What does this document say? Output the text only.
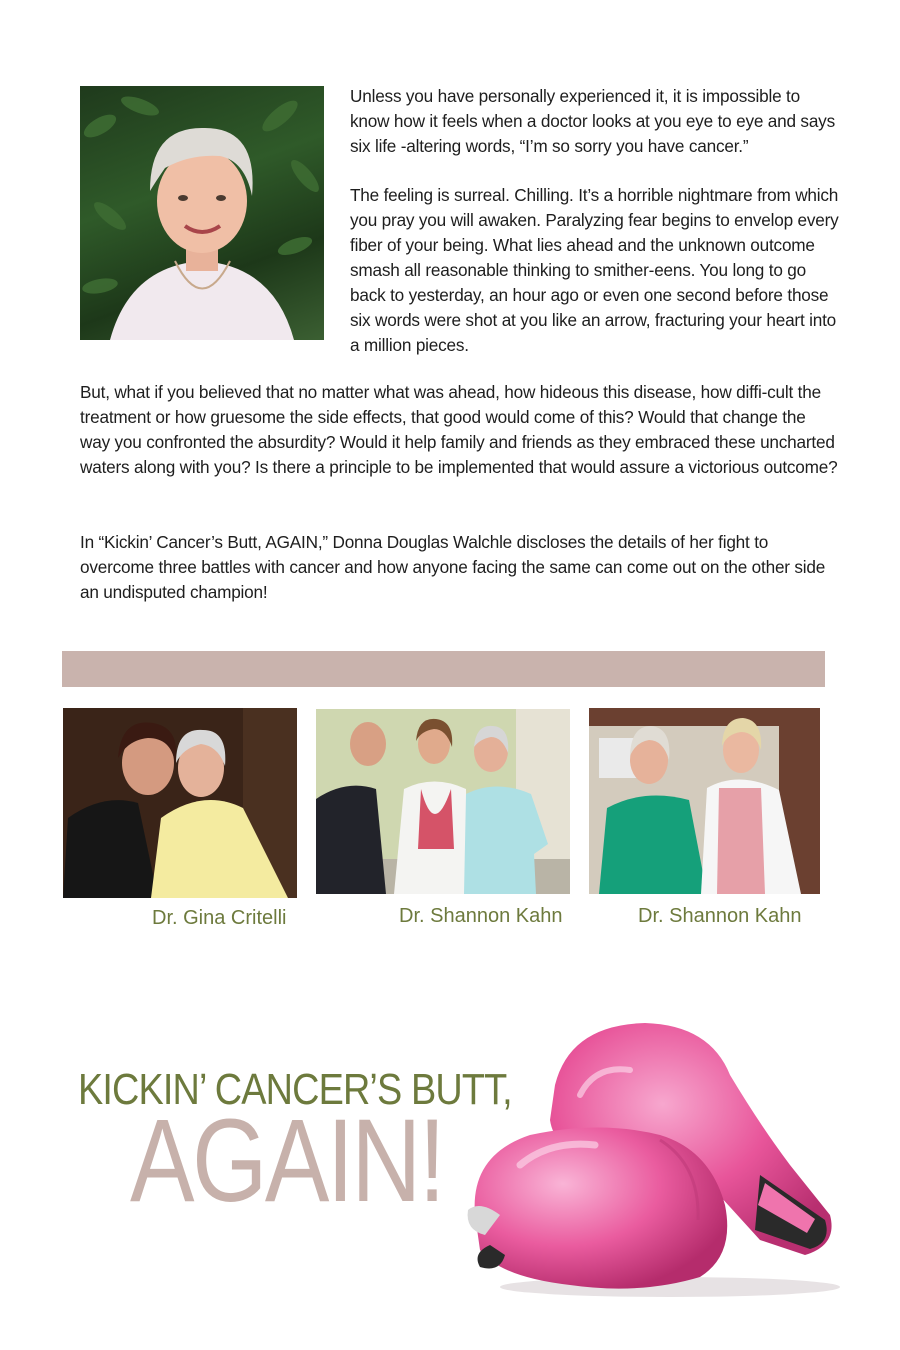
Unless you have personally experienced it, it is impossible to know how it feels when a doctor looks at you eye to eye and says six life -altering words, “I’m so sorry you have cancer.”

The feeling is surreal. Chilling. It’s a horrible nightmare from which you pray you will awaken. Paralyzing fear begins to envelop every fiber of your being. What lies ahead and the unknown outcome smash all reasonable thinking to smither-eens. You long to go back to yesterday, an hour ago or even one second before those six words were shot at you like an arrow, fracturing your heart into a million pieces.

But, what if you believed that no matter what was ahead, how hideous this disease, how diffi-cult the treatment or how gruesome the side effects, that good would come of this? Would that change the way you confronted the absurdity? Would it help family and friends as they embraced these uncharted waters along with you? Is there a principle to be implemented that would assure a victorious outcome?

In “Kickin’ Cancer’s Butt, AGAIN,” Donna Douglas Walchle discloses the details of her fight to overcome three battles with cancer and how anyone facing the same can come out on the other side an undisputed champion!

Dr. Gina Critelli	Dr. Shannon Kahn	Dr. Shannon Kahn
KICKIN’ CANCER’S BUTT,
AGAIN!
